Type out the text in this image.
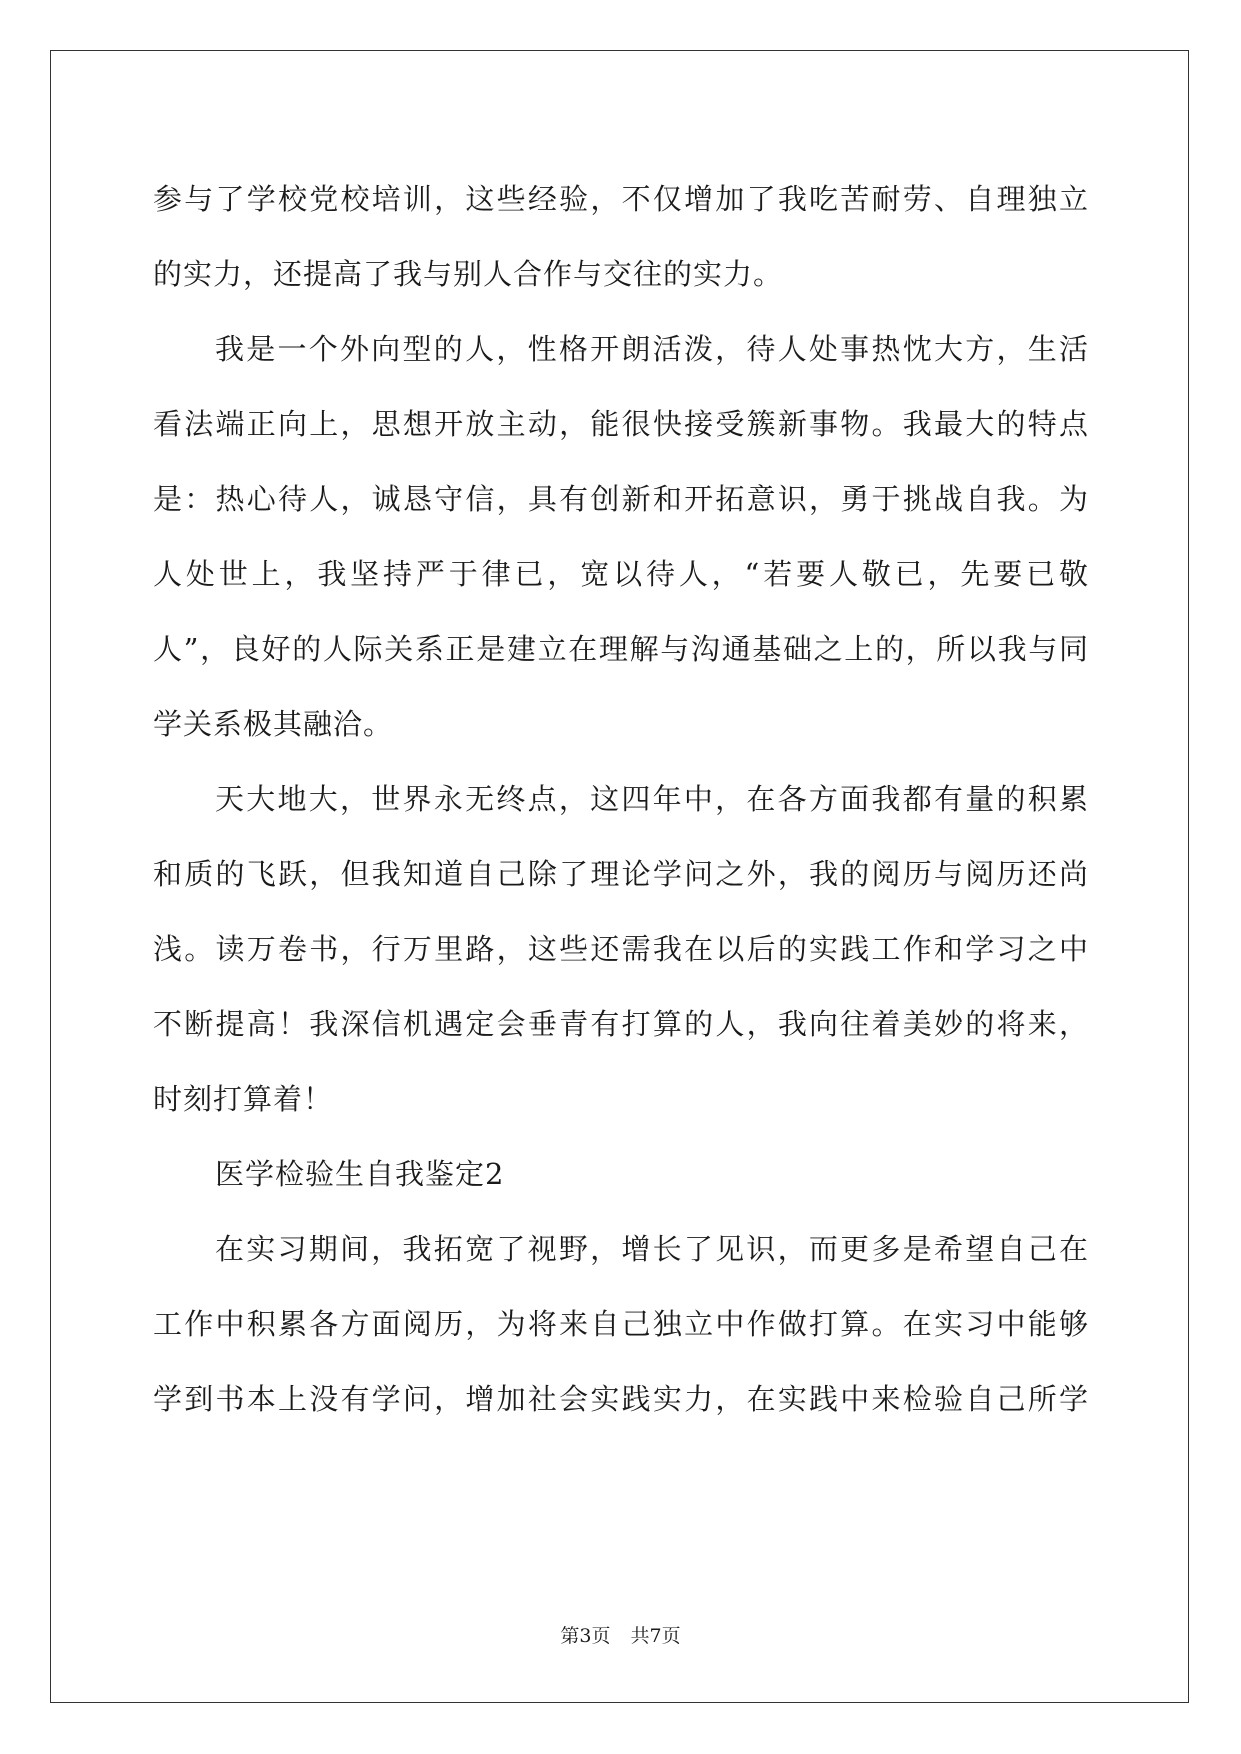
参与了学校党校培训，这些经验，不仅增加了我吃苦耐劳、自理独立

的实力，还提高了我与别人合作与交往的实力。

我是一个外向型的人，性格开朗活泼，待人处事热忱大方，生活

看法端正向上，思想开放主动，能很快接受簇新事物。我最大的特点

是：热心待人，诚恳守信，具有创新和开拓意识，勇于挑战自我。为

人处世上，我坚持严于律已，宽以待人，“若要人敬已，先要已敬

人”，良好的人际关系正是建立在理解与沟通基础之上的，所以我与同

学关系极其融洽。

天大地大，世界永无终点，这四年中，在各方面我都有量的积累

和质的飞跃，但我知道自己除了理论学问之外，我的阅历与阅历还尚

浅。读万卷书，行万里路，这些还需我在以后的实践工作和学习之中

不断提高！我深信机遇定会垂青有打算的人，我向往着美妙的将来，

时刻打算着！

医学检验生自我鉴定2

在实习期间，我拓宽了视野，增长了见识，而更多是希望自己在

工作中积累各方面阅历，为将来自己独立中作做打算。在实习中能够

学到书本上没有学问，增加社会实践实力，在实践中来检验自己所学

第3页 共7页
